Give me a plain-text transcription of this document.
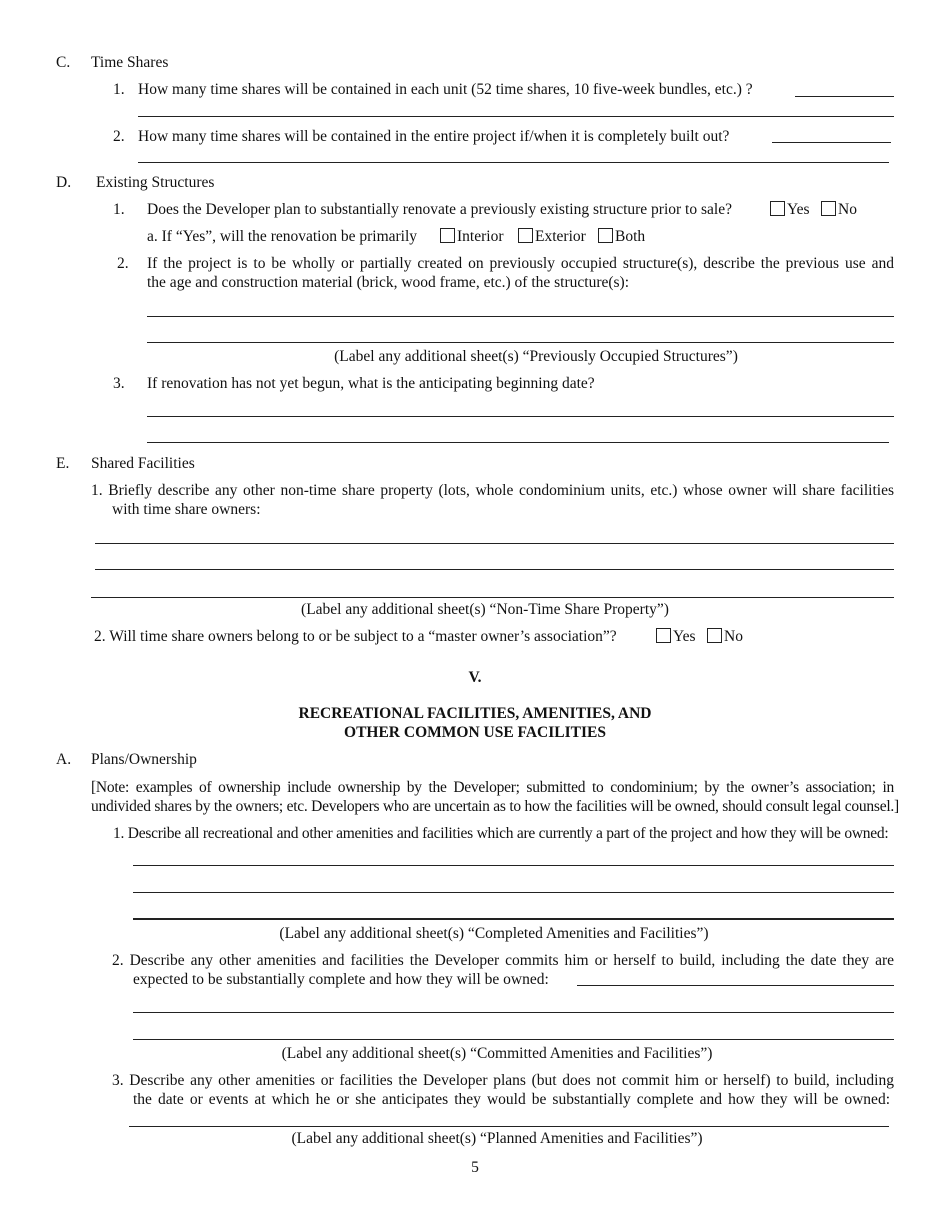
C. Time Shares
1. How many time shares will be contained in each unit (52 time shares, 10 five-week bundles, etc.) ?
2. How many time shares will be contained in the entire project if/when it is completely built out?
D. Existing Structures
1. Does the Developer plan to substantially renovate a previously existing structure prior to sale?	Yes	No
a. If “Yes”, will the renovation be primarily	Interior	Exterior	Both
2. If the project is to be wholly or partially created on previously occupied structure(s), describe the previous use and
the age and construction material (brick, wood frame, etc.) of the structure(s):
(Label any additional sheet(s) “Previously Occupied Structures”)
3. If renovation has not yet begun, what is the anticipating beginning date?
E. Shared Facilities
1. Briefly describe any other non-time share property (lots, whole condominium units, etc.) whose owner will share facilities
with time share owners:
(Label any additional sheet(s) “Non-Time Share Property”)
2. Will time share owners belong to or be subject to a “master owner’s association”?	Yes	No
V.
RECREATIONAL FACILITIES, AMENITIES, AND
OTHER COMMON USE FACILITIES
A. Plans/Ownership
[Note: examples of ownership include ownership by the Developer; submitted to condominium; by the owner’s association; in
undivided shares by the owners; etc. Developers who are uncertain as to how the facilities will be owned, should consult legal counsel.]
1. Describe all recreational and other amenities and facilities which are currently a part of the project and how they will be owned:
(Label any additional sheet(s) “Completed Amenities and Facilities”)
2. Describe any other amenities and facilities the Developer commits him or herself to build, including the date they are
expected to be substantially complete and how they will be owned:
(Label any additional sheet(s) “Committed Amenities and Facilities”)
3. Describe any other amenities or facilities the Developer plans (but does not commit him or herself) to build, including
the date or events at which he or she anticipates they would be substantially complete and how they will be owned:
(Label any additional sheet(s) “Planned Amenities and Facilities”)
5
